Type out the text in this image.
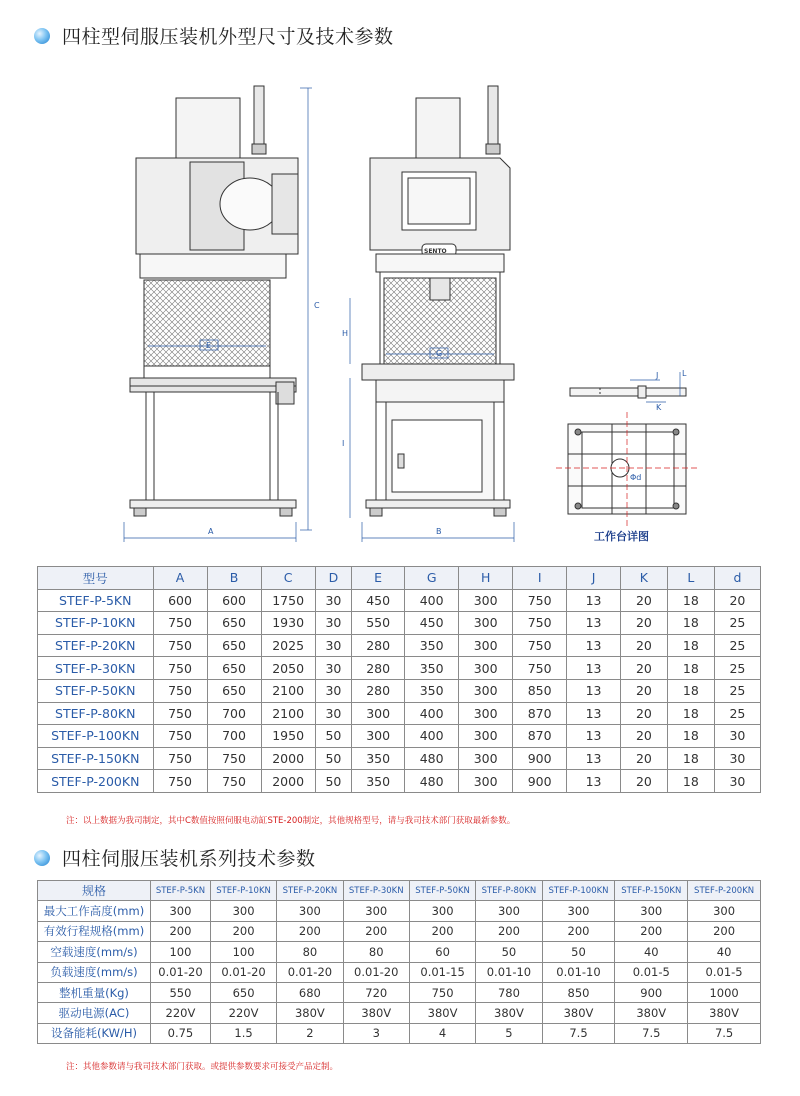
四柱型伺服压装机外型尺寸及技术参数
A
C
E
B
H
I
G
J
K
L
Φd
SENTO
工作台详图
型号	A	B	C	D	E	G	H	I	J	K	L	d
STEF-P-5KN	600	600	1750	30	450	400	300	750	13	20	18	20
STEF-P-10KN	750	650	1930	30	550	450	300	750	13	20	18	25
STEF-P-20KN	750	650	2025	30	280	350	300	750	13	20	18	25
STEF-P-30KN	750	650	2050	30	280	350	300	750	13	20	18	25
STEF-P-50KN	750	650	2100	30	280	350	300	850	13	20	18	25
STEF-P-80KN	750	700	2100	30	300	400	300	870	13	20	18	25
STEF-P-100KN	750	700	1950	50	300	400	300	870	13	20	18	30
STEF-P-150KN	750	750	2000	50	350	480	300	900	13	20	18	30
STEF-P-200KN	750	750	2000	50	350	480	300	900	13	20	18	30
注：以上数据为我司制定，其中C数值按照伺服电动缸STE-200制定，其他规格型号，请与我司技术部门获取最新参数。
四柱伺服压装机系列技术参数
规格	STEF-P-5KN	STEF-P-10KN	STEF-P-20KN	STEF-P-30KN	STEF-P-50KN	STEF-P-80KN	STEF-P-100KN	STEF-P-150KN	STEF-P-200KN
最大工作高度(mm)	300	300	300	300	300	300	300	300	300
有效行程规格(mm)	200	200	200	200	200	200	200	200	200
空载速度(mm/s)	100	100	80	80	60	50	50	40	40
负载速度(mm/s)	0.01-20	0.01-20	0.01-20	0.01-20	0.01-15	0.01-10	0.01-10	0.01-5	0.01-5
整机重量(Kg)	550	650	680	720	750	780	850	900	1000
驱动电源(AC)	220V	220V	380V	380V	380V	380V	380V	380V	380V
设备能耗(KW/H)	0.75	1.5	2	3	4	5	7.5	7.5	7.5
注：其他参数请与我司技术部门获取。或提供参数要求可接受产品定制。
